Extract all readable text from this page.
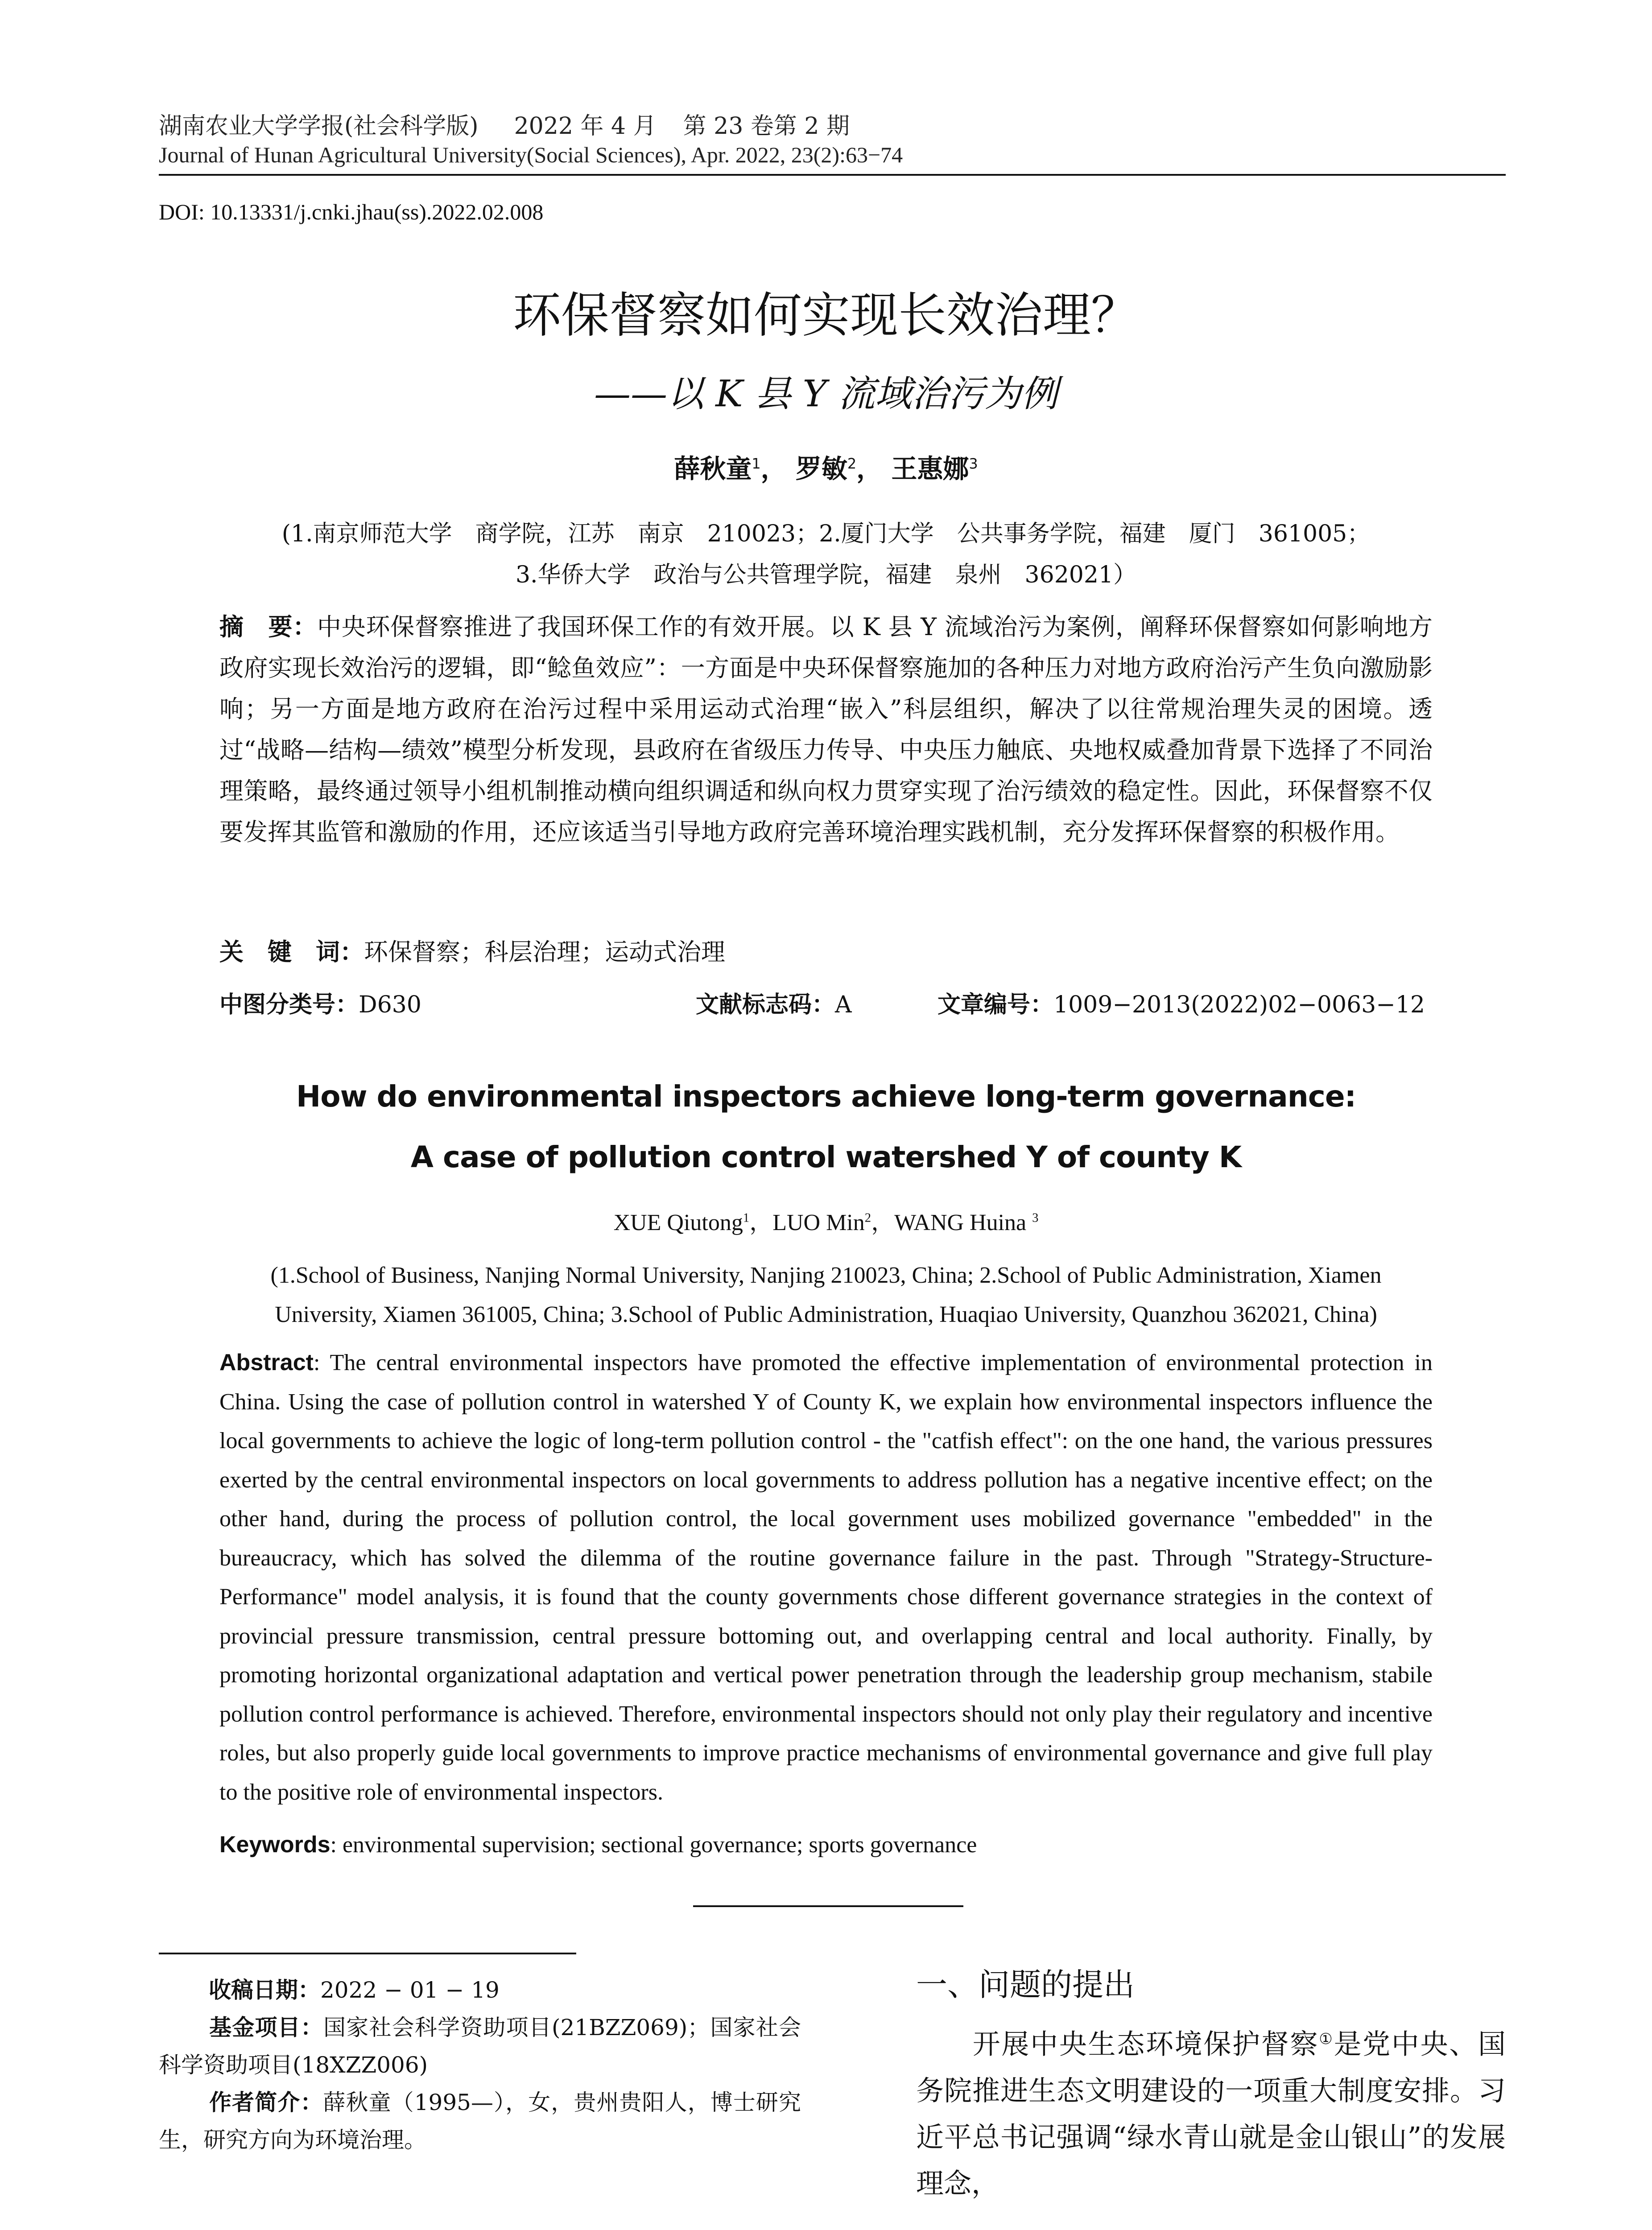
湖南农业大学学报(社会科学版) 2022 年 4 月 第 23 卷第 2 期
Journal of Hunan Agricultural University(Social Sciences), Apr. 2022, 23(2):63−74
DOI: 10.13331/j.cnki.jhau(ss).2022.02.008
环保督察如何实现长效治理？
——以 K 县 Y 流域治污为例
薛秋童$^1$， 罗敏$^2$， 王惠娜$^3$
(1.南京师范大学　商学院，江苏　南京　210023；2.厦门大学　公共事务学院，福建　厦门　361005；
3.华侨大学　政治与公共管理学院，福建　泉州　362021）
摘　要：中央环保督察推进了我国环保工作的有效开展。以 K 县 Y 流域治污为案例，阐释环保督察如何影响地方政府实现长效治污的逻辑，即“鲶鱼效应”：一方面是中央环保督察施加的各种压力对地方政府治污产生负向激励影响；另一方面是地方政府在治污过程中采用运动式治理“嵌入”科层组织，解决了以往常规治理失灵的困境。透过“战略—结构—绩效”模型分析发现，县政府在省级压力传导、中央压力触底、央地权威叠加背景下选择了不同治理策略，最终通过领导小组机制推动横向组织调适和纵向权力贯穿实现了治污绩效的稳定性。因此，环保督察不仅要发挥其监管和激励的作用，还应该适当引导地方政府完善环境治理实践机制，充分发挥环保督察的积极作用。
关　键　词：环保督察；科层治理；运动式治理
中图分类号：D630	文献标志码：A	文章编号：1009−2013(2022)02−0063−12
How do environmental inspectors achieve long-term governance:
A case of pollution control watershed Y of county K
XUE Qiutong$^1$，LUO Min$^2$，WANG Huina $^3$
(1.School of Business, Nanjing Normal University, Nanjing 210023, China; 2.School of Public Administration, Xiamen
University, Xiamen 361005, China; 3.School of Public Administration, Huaqiao University, Quanzhou 362021, China)
Abstract: The central environmental inspectors have promoted the effective implementation of environmental protection in China. Using the case of pollution control in watershed Y of County K, we explain how environmental inspectors influence the local governments to achieve the logic of long-term pollution control - the "catfish effect": on the one hand, the various pressures exerted by the central environmental inspectors on local governments to address pollution has a negative incentive effect; on the other hand, during the process of pollution control, the local government uses mobilized governance "embedded" in the bureaucracy, which has solved the dilemma of the routine governance failure in the past. Through "Strategy-Structure-Performance" model analysis, it is found that the county governments chose different governance strategies in the context of provincial pressure transmission, central pressure bottoming out, and overlapping central and local authority. Finally, by promoting horizontal organizational adaptation and vertical power penetration through the leadership group mechanism, stabile pollution control performance is achieved. Therefore, environmental inspectors should not only play their regulatory and incentive roles, but also properly guide local governments to improve practice mechanisms of environmental governance and give full play to the positive role of environmental inspectors.
Keywords: environmental supervision; sectional governance; sports governance
收稿日期：2022 − 01 − 19
基金项目：国家社会科学资助项目(21BZZ069)；国家社会科学资助项目(18XZZ006)
作者简介：薛秋童（1995—），女，贵州贵阳人，博士研究生，研究方向为环境治理。
一、问题的提出
开展中央生态环境保护督察①是党中央、国务院推进生态文明建设的一项重大制度安排。习近平总书记强调“绿水青山就是金山银山”的发展理念，
